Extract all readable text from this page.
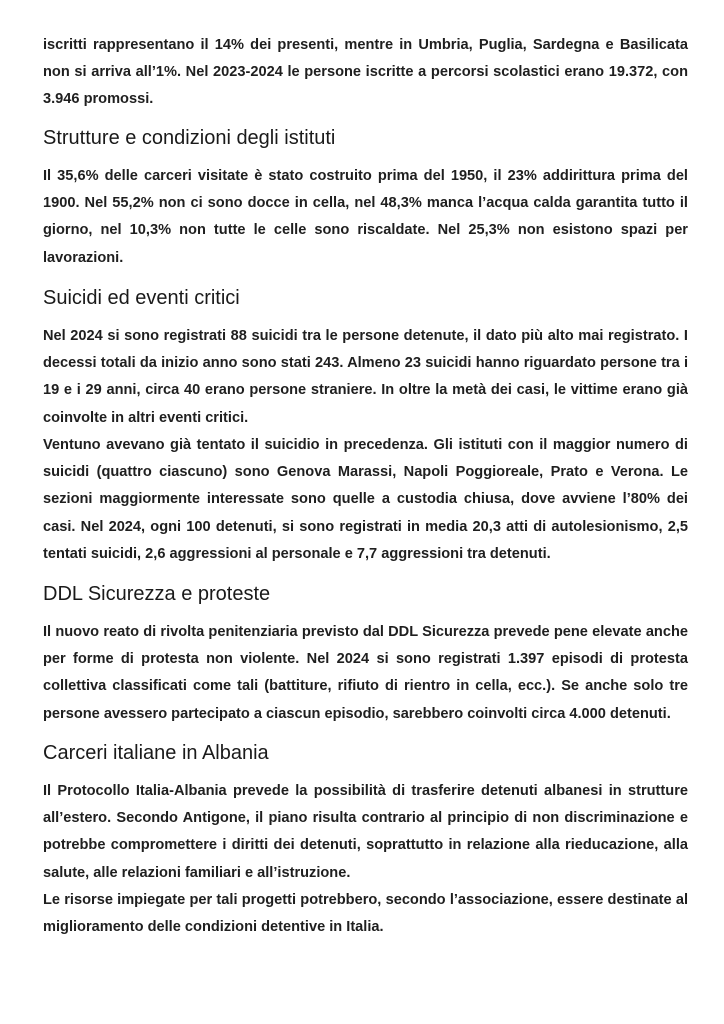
iscritti rappresentano il 14% dei presenti, mentre in Umbria, Puglia, Sardegna e Basilicata non si arriva all’1%. Nel 2023-2024 le persone iscritte a percorsi scolastici erano 19.372, con 3.946 promossi.

Strutture e condizioni degli istituti

Il 35,6% delle carceri visitate è stato costruito prima del 1950, il 23% addirittura prima del 1900. Nel 55,2% non ci sono docce in cella, nel 48,3% manca l’acqua calda garantita tutto il giorno, nel 10,3% non tutte le celle sono riscaldate. Nel 25,3% non esistono spazi per lavorazioni.

Suicidi ed eventi critici

Nel 2024 si sono registrati 88 suicidi tra le persone detenute, il dato più alto mai registrato. I decessi totali da inizio anno sono stati 243. Almeno 23 suicidi hanno riguardato persone tra i 19 e i 29 anni, circa 40 erano persone straniere. In oltre la metà dei casi, le vittime erano già coinvolte in altri eventi critici.

Ventuno avevano già tentato il suicidio in precedenza. Gli istituti con il maggior numero di suicidi (quattro ciascuno) sono Genova Marassi, Napoli Poggioreale, Prato e Verona. Le sezioni maggiormente interessate sono quelle a custodia chiusa, dove avviene l’80% dei casi. Nel 2024, ogni 100 detenuti, si sono registrati in media 20,3 atti di autolesionismo, 2,5 tentati suicidi, 2,6 aggressioni al personale e 7,7 aggressioni tra detenuti.

DDL Sicurezza e proteste

Il nuovo reato di rivolta penitenziaria previsto dal DDL Sicurezza prevede pene elevate anche per forme di protesta non violente. Nel 2024 si sono registrati 1.397 episodi di protesta collettiva classificati come tali (battiture, rifiuto di rientro in cella, ecc.). Se anche solo tre persone avessero partecipato a ciascun episodio, sarebbero coinvolti circa 4.000 detenuti.

Carceri italiane in Albania

Il Protocollo Italia-Albania prevede la possibilità di trasferire detenuti albanesi in strutture all’estero. Secondo Antigone, il piano risulta contrario al principio di non discriminazione e potrebbe compromettere i diritti dei detenuti, soprattutto in relazione alla rieducazione, alla salute, alle relazioni familiari e all’istruzione.

Le risorse impiegate per tali progetti potrebbero, secondo l’associazione, essere destinate al miglioramento delle condizioni detentive in Italia.
